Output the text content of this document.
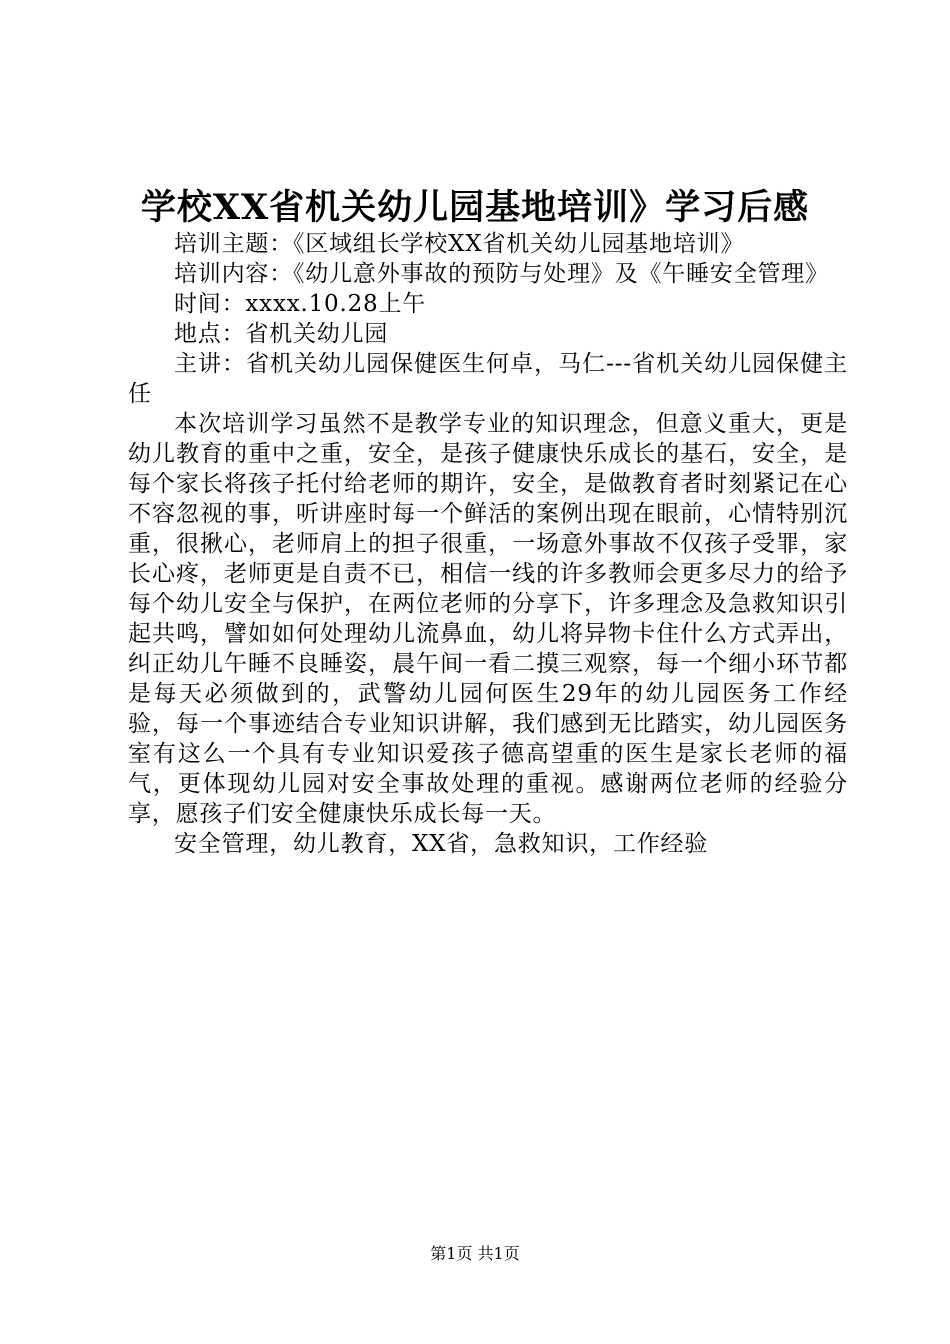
学校XX省机关幼儿园基地培训》学习后感

培训主题：《区域组长学校XX省机关幼儿园基地培训》

培训内容：《幼儿意外事故的预防与处理》及《午睡安全管理》

时间：xxxx.10.28上午

地点：省机关幼儿园

主讲：省机关幼儿园保健医生何卓，马仁---省机关幼儿园保健主任

本次培训学习虽然不是教学专业的知识理念，但意义重大，更是幼儿教育的重中之重，安全，是孩子健康快乐成长的基石，安全，是每个家长将孩子托付给老师的期许，安全，是做教育者时刻紧记在心不容忽视的事，听讲座时每一个鲜活的案例出现在眼前，心情特别沉重，很揪心，老师肩上的担子很重，一场意外事故不仅孩子受罪，家长心疼，老师更是自责不已，相信一线的许多教师会更多尽力的给予每个幼儿安全与保护，在两位老师的分享下，许多理念及急救知识引起共鸣，譬如如何处理幼儿流鼻血，幼儿将异物卡住什么方式弄出，纠正幼儿午睡不良睡姿，晨午间一看二摸三观察，每一个细小环节都是每天必须做到的，武警幼儿园何医生29年的幼儿园医务工作经验，每一个事迹结合专业知识讲解，我们感到无比踏实，幼儿园医务室有这么一个具有专业知识爱孩子德高望重的医生是家长老师的福气，更体现幼儿园对安全事故处理的重视。感谢两位老师的经验分享，愿孩子们安全健康快乐成长每一天。

安全管理，幼儿教育，XX省，急救知识，工作经验

第1页 共1页
